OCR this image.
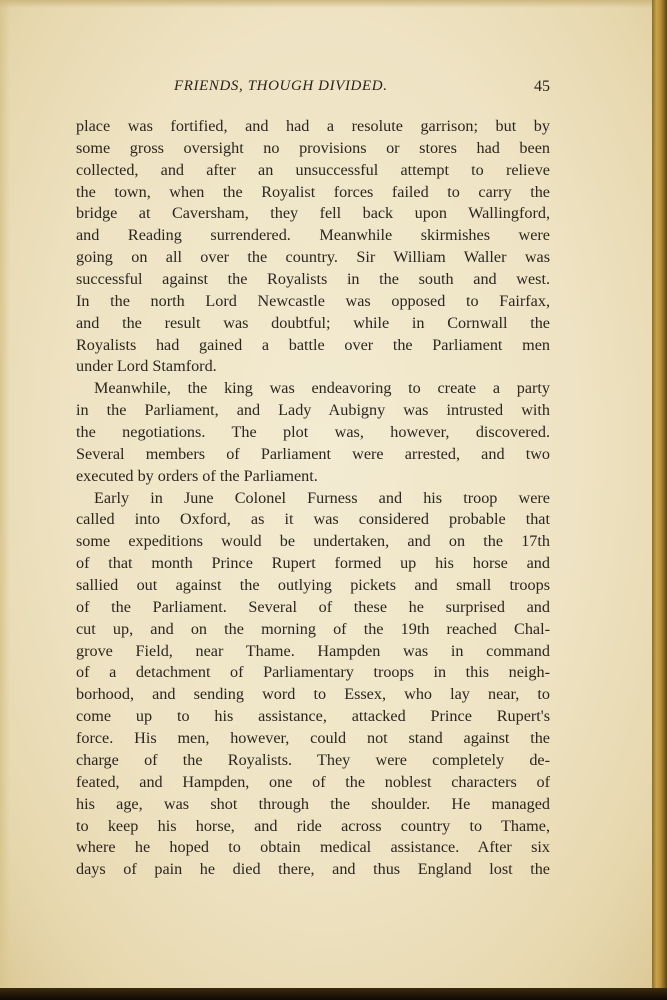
FRIENDS, THOUGH DIVIDED.	45
place was fortified, and had a resolute garrison; but by
some gross oversight no provisions or stores had been
collected, and after an unsuccessful attempt to relieve
the town, when the Royalist forces failed to carry the
bridge at Caversham, they fell back upon Wallingford,
and Reading surrendered. Meanwhile skirmishes were
going on all over the country. Sir William Waller was
successful against the Royalists in the south and west.
In the north Lord Newcastle was opposed to Fairfax,
and the result was doubtful; while in Cornwall the
Royalists had gained a battle over the Parliament men
under Lord Stamford.
Meanwhile, the king was endeavoring to create a party
in the Parliament, and Lady Aubigny was intrusted with
the negotiations. The plot was, however, discovered.
Several members of Parliament were arrested, and two
executed by orders of the Parliament.
Early in June Colonel Furness and his troop were
called into Oxford, as it was considered probable that
some expeditions would be undertaken, and on the 17th
of that month Prince Rupert formed up his horse and
sallied out against the outlying pickets and small troops
of the Parliament. Several of these he surprised and
cut up, and on the morning of the 19th reached Chal-
grove Field, near Thame. Hampden was in command
of a detachment of Parliamentary troops in this neigh-
borhood, and sending word to Essex, who lay near, to
come up to his assistance, attacked Prince Rupert's
force. His men, however, could not stand against the
charge of the Royalists. They were completely de-
feated, and Hampden, one of the noblest characters of
his age, was shot through the shoulder. He managed
to keep his horse, and ride across country to Thame,
where he hoped to obtain medical assistance. After six
days of pain he died there, and thus England lost the
